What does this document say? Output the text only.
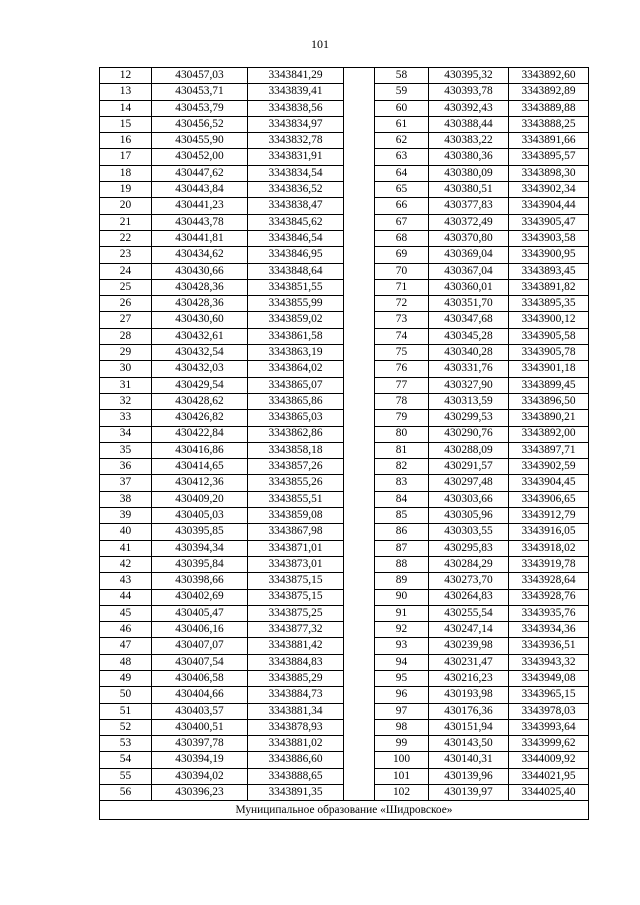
101
12	430457,03	3343841,29		58	430395,32	3343892,60
13	430453,71	3343839,41		59	430393,78	3343892,89
14	430453,79	3343838,56		60	430392,43	3343889,88
15	430456,52	3343834,97		61	430388,44	3343888,25
16	430455,90	3343832,78		62	430383,22	3343891,66
17	430452,00	3343831,91		63	430380,36	3343895,57
18	430447,62	3343834,54		64	430380,09	3343898,30
19	430443,84	3343836,52		65	430380,51	3343902,34
20	430441,23	3343838,47		66	430377,83	3343904,44
21	430443,78	3343845,62		67	430372,49	3343905,47
22	430441,81	3343846,54		68	430370,80	3343903,58
23	430434,62	3343846,95		69	430369,04	3343900,95
24	430430,66	3343848,64		70	430367,04	3343893,45
25	430428,36	3343851,55		71	430360,01	3343891,82
26	430428,36	3343855,99		72	430351,70	3343895,35
27	430430,60	3343859,02		73	430347,68	3343900,12
28	430432,61	3343861,58		74	430345,28	3343905,58
29	430432,54	3343863,19		75	430340,28	3343905,78
30	430432,03	3343864,02		76	430331,76	3343901,18
31	430429,54	3343865,07		77	430327,90	3343899,45
32	430428,62	3343865,86		78	430313,59	3343896,50
33	430426,82	3343865,03		79	430299,53	3343890,21
34	430422,84	3343862,86		80	430290,76	3343892,00
35	430416,86	3343858,18		81	430288,09	3343897,71
36	430414,65	3343857,26		82	430291,57	3343902,59
37	430412,36	3343855,26		83	430297,48	3343904,45
38	430409,20	3343855,51		84	430303,66	3343906,65
39	430405,03	3343859,08		85	430305,96	3343912,79
40	430395,85	3343867,98		86	430303,55	3343916,05
41	430394,34	3343871,01		87	430295,83	3343918,02
42	430395,84	3343873,01		88	430284,29	3343919,78
43	430398,66	3343875,15		89	430273,70	3343928,64
44	430402,69	3343875,15		90	430264,83	3343928,76
45	430405,47	3343875,25		91	430255,54	3343935,76
46	430406,16	3343877,32		92	430247,14	3343934,36
47	430407,07	3343881,42		93	430239,98	3343936,51
48	430407,54	3343884,83		94	430231,47	3343943,32
49	430406,58	3343885,29		95	430216,23	3343949,08
50	430404,66	3343884,73		96	430193,98	3343965,15
51	430403,57	3343881,34		97	430176,36	3343978,03
52	430400,51	3343878,93		98	430151,94	3343993,64
53	430397,78	3343881,02		99	430143,50	3343999,62
54	430394,19	3343886,60		100	430140,31	3344009,92
55	430394,02	3343888,65		101	430139,96	3344021,95
56	430396,23	3343891,35		102	430139,97	3344025,40
Муниципальное образование «Шидровское»						
